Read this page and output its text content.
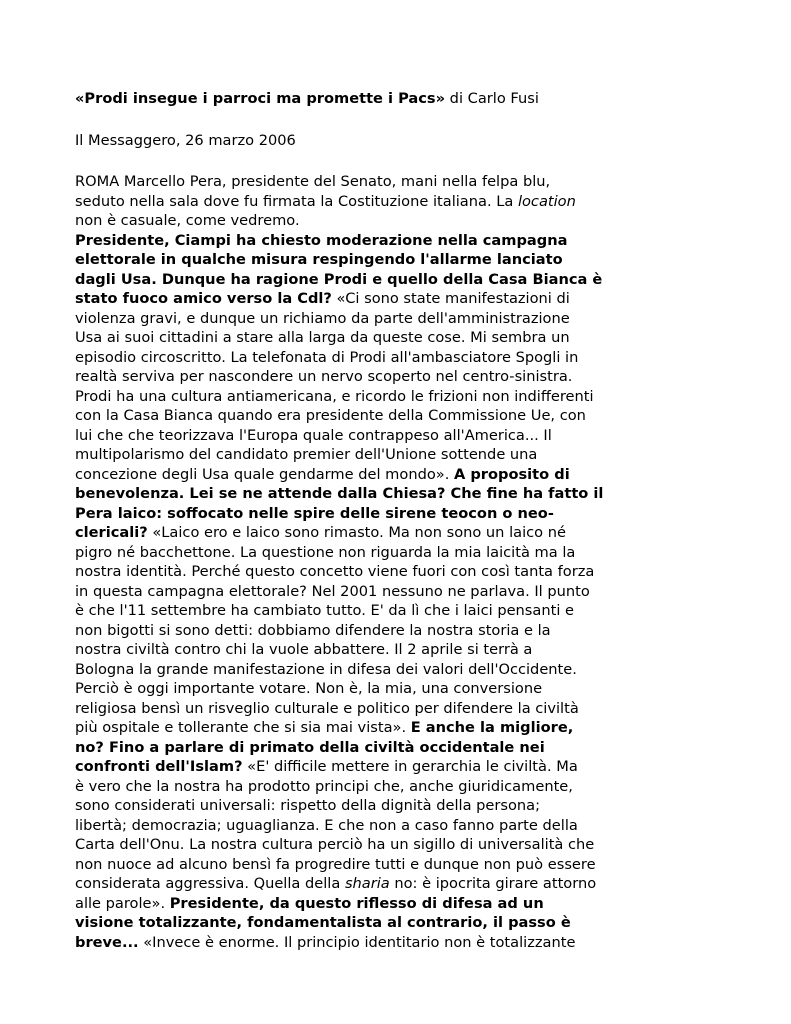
«Prodi insegue i parroci ma promette i Pacs» di Carlo Fusi

Il Messaggero, 26 marzo 2006

ROMA Marcello Pera, presidente del Senato, mani nella felpa blu,
seduto nella sala dove fu firmata la Costituzione italiana. La location
non è casuale, come vedremo.

Presidente, Ciampi ha chiesto moderazione nella campagna
elettorale in qualche misura respingendo l'allarme lanciato
dagli Usa. Dunque ha ragione Prodi e quello della Casa Bianca è
stato fuoco amico verso la Cdl? «Ci sono state manifestazioni di
violenza gravi, e dunque un richiamo da parte dell'amministrazione
Usa ai suoi cittadini a stare alla larga da queste cose. Mi sembra un
episodio circoscritto. La telefonata di Prodi all'ambasciatore Spogli in
realtà serviva per nascondere un nervo scoperto nel centro-sinistra.
Prodi ha una cultura antiamericana, e ricordo le frizioni non indifferenti
con la Casa Bianca quando era presidente della Commissione Ue, con
lui che che teorizzava l'Europa quale contrappeso all'America... Il
multipolarismo del candidato premier dell'Unione sottende una
concezione degli Usa quale gendarme del mondo». A proposito di
benevolenza. Lei se ne attende dalla Chiesa? Che fine ha fatto il
Pera laico: soffocato nelle spire delle sirene teocon o neo-
clericali? «Laico ero e laico sono rimasto. Ma non sono un laico né
pigro né bacchettone. La questione non riguarda la mia laicità ma la
nostra identità. Perché questo concetto viene fuori con così tanta forza
in questa campagna elettorale? Nel 2001 nessuno ne parlava. Il punto
è che l'11 settembre ha cambiato tutto. E' da lì che i laici pensanti e
non bigotti si sono detti: dobbiamo difendere la nostra storia e la
nostra civiltà contro chi la vuole abbattere. Il 2 aprile si terrà a
Bologna la grande manifestazione in difesa dei valori dell'Occidente.
Perciò è oggi importante votare. Non è, la mia, una conversione
religiosa bensì un risveglio culturale e politico per difendere la civiltà
più ospitale e tollerante che si sia mai vista». E anche la migliore,
no? Fino a parlare di primato della civiltà occidentale nei
confronti dell'Islam? «E' difficile mettere in gerarchia le civiltà. Ma
è vero che la nostra ha prodotto principi che, anche giuridicamente,
sono considerati universali: rispetto della dignità della persona;
libertà; democrazia; uguaglianza. E che non a caso fanno parte della
Carta dell'Onu. La nostra cultura perciò ha un sigillo di universalità che
non nuoce ad alcuno bensì fa progredire tutti e dunque non può essere
considerata aggressiva. Quella della sharia no: è ipocrita girare attorno
alle parole». Presidente, da questo riflesso di difesa ad un
visione totalizzante, fondamentalista al contrario, il passo è
breve... «Invece è enorme. Il principio identitario non è totalizzante
